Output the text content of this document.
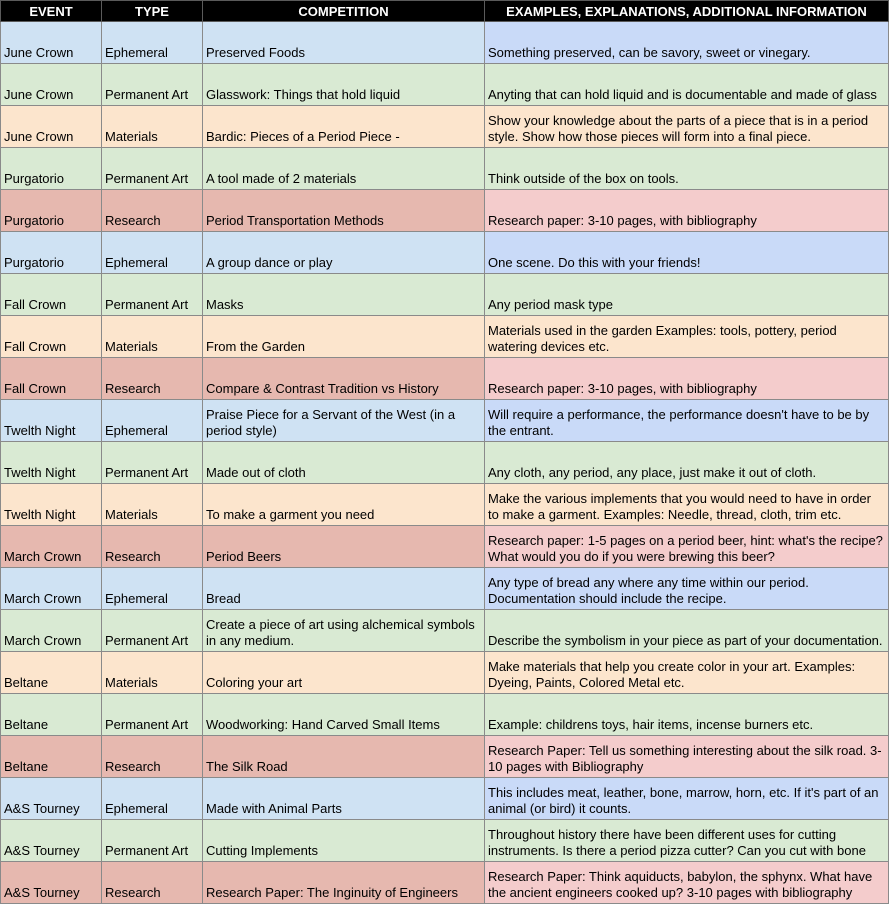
EVENT	TYPE	COMPETITION	EXAMPLES, EXPLANATIONS, ADDITIONAL INFORMATION

June Crown	Ephemeral	Preserved Foods	Something preserved, can be savory, sweet or vinegary.

June Crown	Permanent Art	Glasswork: Things that hold liquid	Anyting that can hold liquid and is documentable and made of glass

June Crown	Materials	Bardic: Pieces of a Period Piece -	Show your knowledge about the parts of a piece that is in a period style. Show how those pieces will form into a final piece.

Purgatorio	Permanent Art	A tool made of 2 materials	Think outside of the box on tools.

Purgatorio	Research	Period Transportation Methods	Research paper: 3-10 pages, with bibliography

Purgatorio	Ephemeral	A group dance or play	One scene. Do this with your friends!

Fall Crown	Permanent Art	Masks	Any period mask type

Fall Crown	Materials	From the Garden	Materials used in the garden Examples: tools, pottery, period watering devices etc.

Fall Crown	Research	Compare & Contrast Tradition vs History	Research paper: 3-10 pages, with bibliography

Twelth Night	Ephemeral	Praise Piece for a Servant of the West (in a period style)	Will require a performance, the performance doesn't have to be by the entrant.

Twelth Night	Permanent Art	Made out of cloth	Any cloth, any period, any place, just make it out of cloth.

Twelth Night	Materials	To make a garment you need	Make the various implements that you would need to have in order to make a garment. Examples: Needle, thread, cloth, trim etc.

March Crown	Research	Period Beers	Research paper: 1-5 pages on a period beer, hint: what's the recipe? What would you do if you were brewing this beer?

March Crown	Ephemeral	Bread	Any type of bread any where any time within our period. Documentation should include the recipe.

March Crown	Permanent Art	Create a piece of art using alchemical symbols in any medium.	Describe the symbolism in your piece as part of your documentation.

Beltane	Materials	Coloring your art	Make materials that help you create color in your art. Examples: Dyeing, Paints, Colored Metal etc.

Beltane	Permanent Art	Woodworking: Hand Carved Small Items	Example: childrens toys, hair items, incense burners etc.

Beltane	Research	The Silk Road	Research Paper: Tell us something interesting about the silk road. 3-10 pages with Bibliography

A&S Tourney	Ephemeral	Made with Animal Parts	This includes meat, leather, bone, marrow, horn, etc. If it's part of an animal (or bird) it counts.

A&S Tourney	Permanent Art	Cutting Implements	Throughout history there have been different uses for cutting instruments. Is there a period pizza cutter? Can you cut with bone

A&S Tourney	Research	Research Paper: The Inginuity of Engineers	Research Paper: Think aquiducts, babylon, the sphynx. What have the ancient engineers cooked up? 3-10 pages with bibliography
